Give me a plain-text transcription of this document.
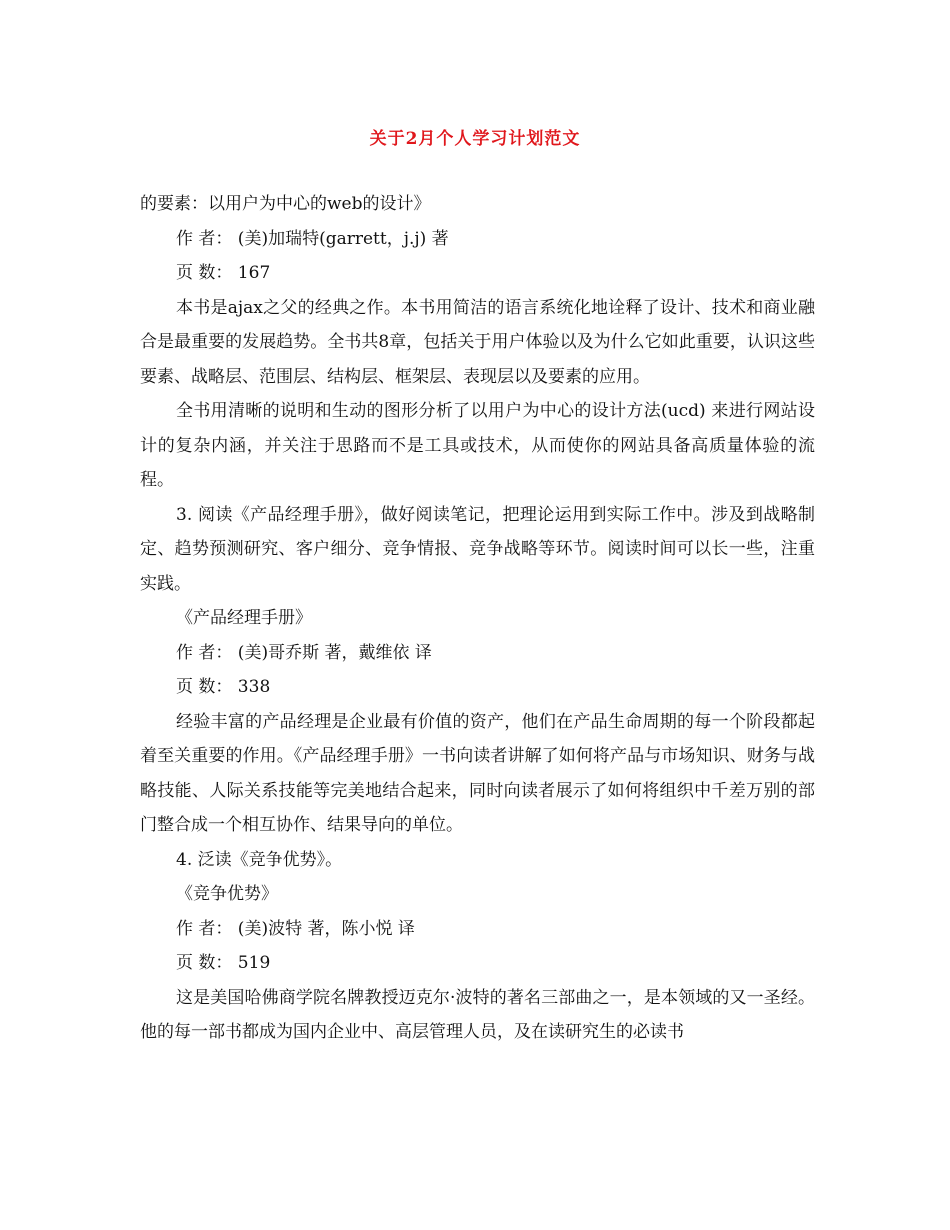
关于2月个人学习计划范文

的要素：以用户为中心的web的设计》

作 者： (美)加瑞特(garrett，j.j) 著

页 数： 167

本书是ajax之父的经典之作。本书用简洁的语言系统化地诠释了设计、技术和商业融合是最重要的发展趋势。全书共8章，包括关于用户体验以及为什么它如此重要，认识这些要素、战略层、范围层、结构层、框架层、表现层以及要素的应用。

全书用清晰的说明和生动的图形分析了以用户为中心的设计方法(ucd) 来进行网站设计的复杂内涵，并关注于思路而不是工具或技术，从而使你的网站具备高质量体验的流程。

3. 阅读《产品经理手册》，做好阅读笔记，把理论运用到实际工作中。涉及到战略制定、趋势预测研究、客户细分、竞争情报、竞争战略等环节。阅读时间可以长一些，注重实践。

《产品经理手册》

作 者： (美)哥乔斯 著，戴维依 译

页 数： 338

经验丰富的产品经理是企业最有价值的资产，他们在产品生命周期的每一个阶段都起着至关重要的作用。《产品经理手册》一书向读者讲解了如何将产品与市场知识、财务与战略技能、人际关系技能等完美地结合起来，同时向读者展示了如何将组织中千差万别的部门整合成一个相互协作、结果导向的单位。

4. 泛读《竞争优势》。

《竞争优势》

作 者： (美)波特 著，陈小悦 译

页 数： 519

这是美国哈佛商学院名牌教授迈克尔·波特的著名三部曲之一，是本领域的又一圣经。他的每一部书都成为国内企业中、高层管理人员，及在读研究生的必读书
